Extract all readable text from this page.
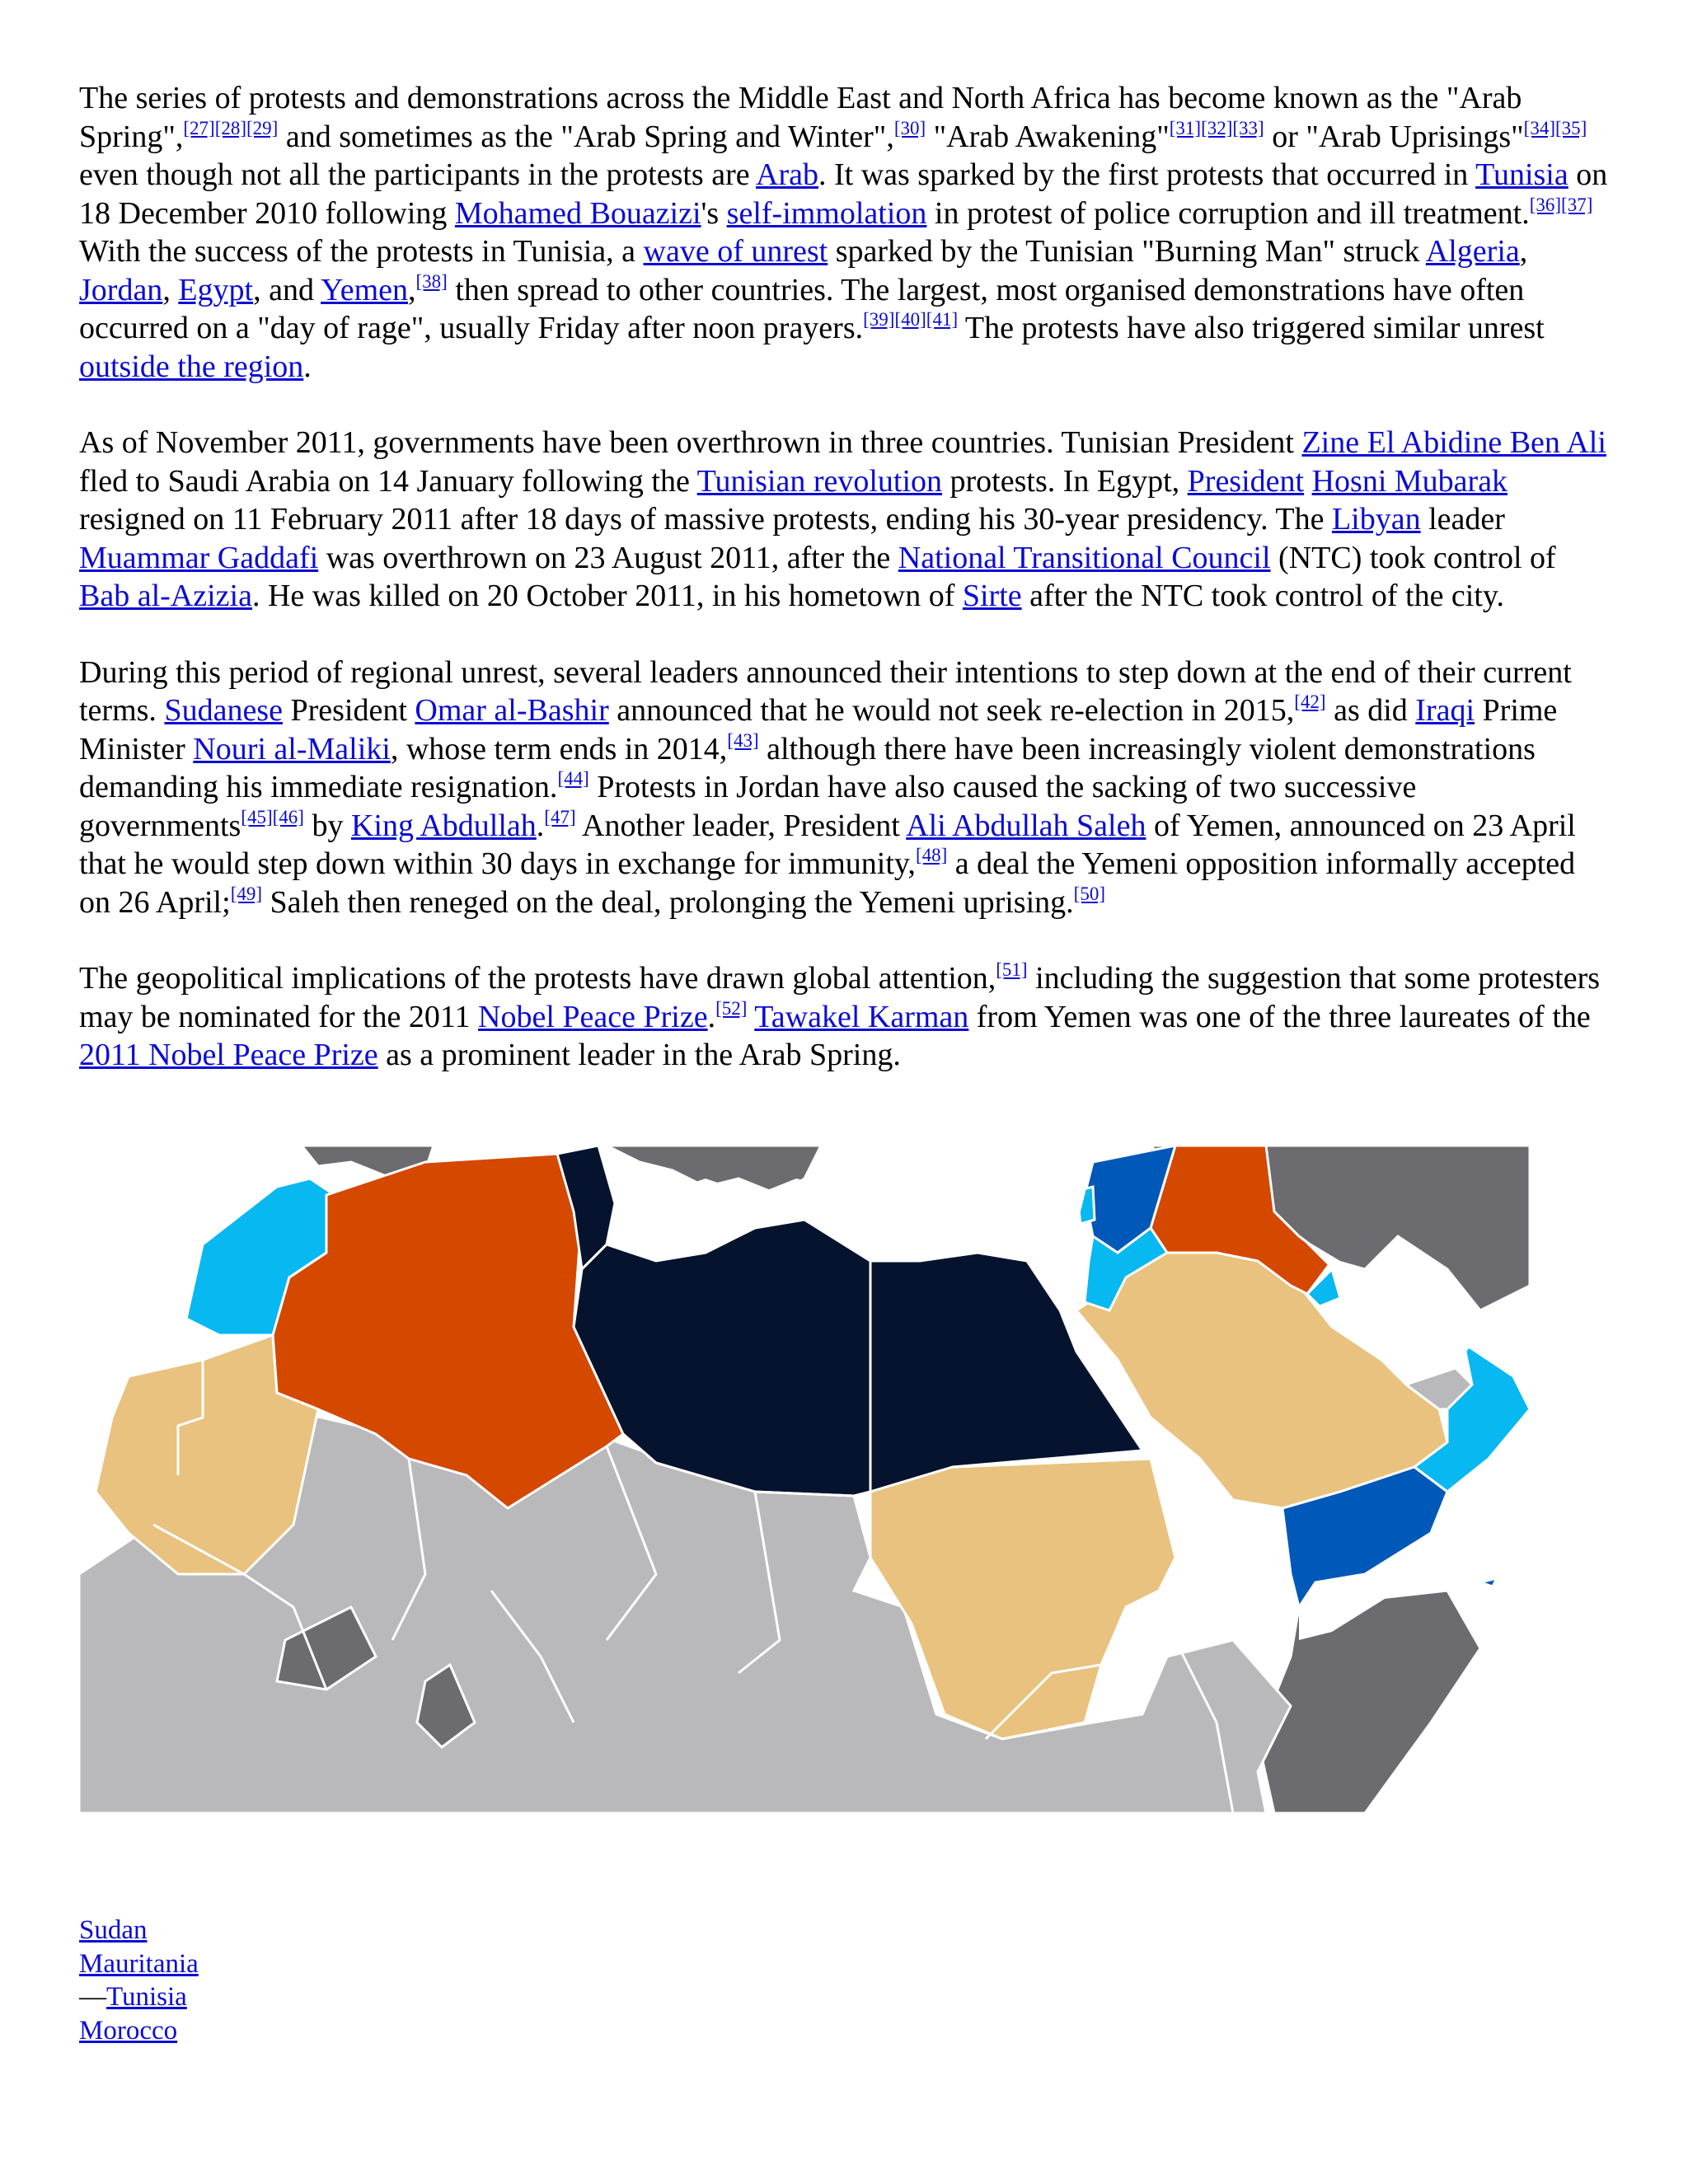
The series of protests and demonstrations across the Middle East and North Africa has become known as the "Arab Spring",[27][28][29] and sometimes as the "Arab Spring and Winter",[30] "Arab Awakening"[31][32][33] or "Arab Uprisings"[34][35] even though not all the participants in the protests are Arab. It was sparked by the first protests that occurred in Tunisia on 18 December 2010 following Mohamed Bouazizi's self-immolation in protest of police corruption and ill treatment.[36][37] With the success of the protests in Tunisia, a wave of unrest sparked by the Tunisian "Burning Man" struck Algeria, Jordan, Egypt, and Yemen,[38] then spread to other countries. The largest, most organised demonstrations have often occurred on a "day of rage", usually Friday after noon prayers.[39][40][41] The protests have also triggered similar unrest outside the region.

As of November 2011, governments have been overthrown in three countries. Tunisian President Zine El Abidine Ben Ali fled to Saudi Arabia on 14 January following the Tunisian revolution protests. In Egypt, President Hosni Mubarak resigned on 11 February 2011 after 18 days of massive protests, ending his 30-year presidency. The Libyan leader Muammar Gaddafi was overthrown on 23 August 2011, after the National Transitional Council (NTC) took control of Bab al-Azizia. He was killed on 20 October 2011, in his hometown of Sirte after the NTC took control of the city.

During this period of regional unrest, several leaders announced their intentions to step down at the end of their current terms. Sudanese President Omar al-Bashir announced that he would not seek re-election in 2015,[42] as did Iraqi Prime Minister Nouri al-Maliki, whose term ends in 2014,[43] although there have been increasingly violent demonstrations demanding his immediate resignation.[44] Protests in Jordan have also caused the sacking of two successive governments[45][46] by King Abdullah.[47] Another leader, President Ali Abdullah Saleh of Yemen, announced on 23 April that he would step down within 30 days in exchange for immunity,[48] a deal the Yemeni opposition informally accepted on 26 April;[49] Saleh then reneged on the deal, prolonging the Yemeni uprising.[50]

The geopolitical implications of the protests have drawn global attention,[51] including the suggestion that some protesters may be nominated for the 2011 Nobel Peace Prize.[52] Tawakel Karman from Yemen was one of the three laureates of the 2011 Nobel Peace Prize as a prominent leader in the Arab Spring.

Sudan
Mauritania
—Tunisia
Morocco
